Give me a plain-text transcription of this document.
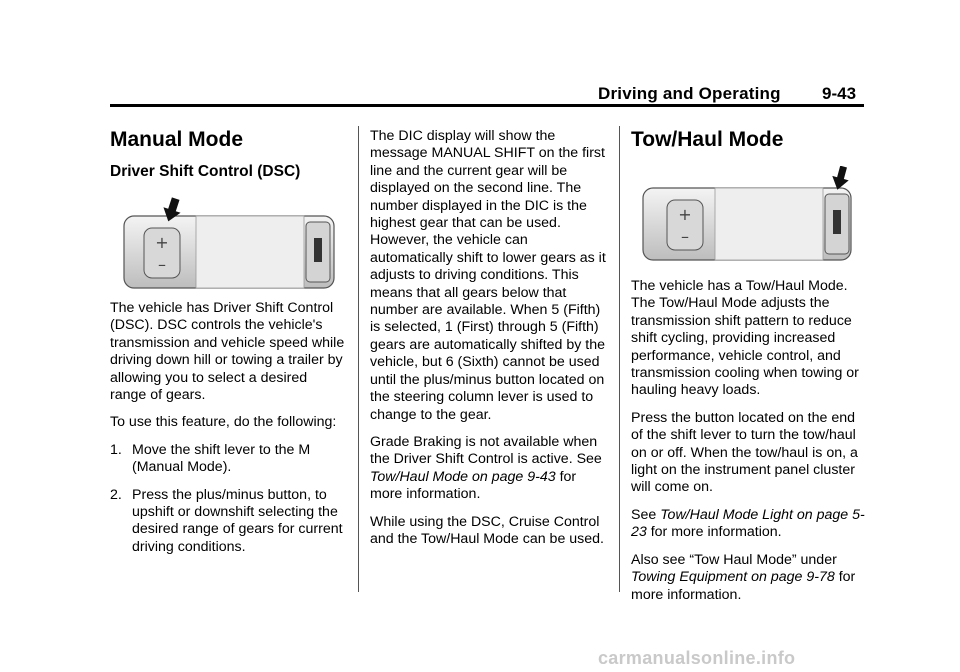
Driving and Operating 9-43
Manual Mode
Driver Shift Control (DSC)
+
–

The vehicle has Driver Shift Control (DSC). DSC controls the vehicle's transmission and vehicle speed while driving down hill or towing a trailer by allowing you to select a desired range of gears.

To use this feature, do the following:

1. Move the shift lever to the M (Manual Mode).
2. Press the plus/minus button, to upshift or downshift selecting the desired range of gears for current driving conditions.

The DIC display will show the message MANUAL SHIFT on the first line and the current gear will be displayed on the second line. The number displayed in the DIC is the highest gear that can be used. However, the vehicle can automatically shift to lower gears as it adjusts to driving conditions. This means that all gears below that number are available. When 5 (Fifth) is selected, 1 (First) through 5 (Fifth) gears are automatically shifted by the vehicle, but 6 (Sixth) cannot be used until the plus/minus button located on the steering column lever is used to change to the gear.

Grade Braking is not available when the Driver Shift Control is active. See Tow/Haul Mode on page 9-43 for more information.

While using the DSC, Cruise Control and the Tow/Haul Mode can be used.

Tow/Haul Mode
+
–

The vehicle has a Tow/Haul Mode. The Tow/Haul Mode adjusts the transmission shift pattern to reduce shift cycling, providing increased performance, vehicle control, and transmission cooling when towing or hauling heavy loads.

Press the button located on the end of the shift lever to turn the tow/haul on or off. When the tow/haul is on, a light on the instrument panel cluster will come on.

See Tow/Haul Mode Light on page 5-23 for more information.

Also see “Tow Haul Mode” under Towing Equipment on page 9-78 for more information.

carmanualsonline.info
